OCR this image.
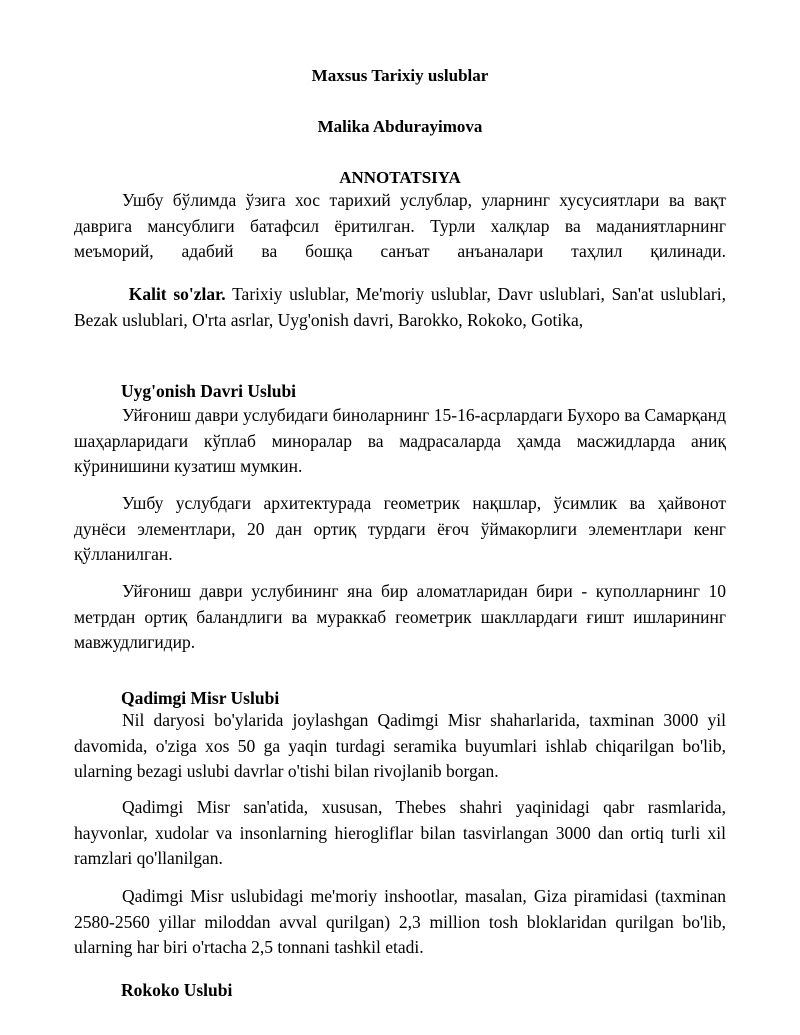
Maxsus Tarixiy uslublar
Malika Abdurayimova
ANNOTATSIYA

Ушбу бўлимда ўзига хос тарихий услублар, уларнинг хусусиятлари ва вақт даврига мансублиги батафсил ёритилган. Турли халқлар ва маданиятларнинг меъморий, адабий ва бошқа санъат анъаналари таҳлил қилинади.

Kalit so'zlar. Tarixiy uslublar, Me'moriy uslublar, Davr uslublari, San'at uslublari, Bezak uslublari, O'rta asrlar, Uyg'onish davri, Barokko, Rokoko, Gotika,

Uyg'onish Davri Uslubi

Уйғониш даври услубидаги биноларнинг 15-16-асрлардаги Бухоро ва Самарқанд шаҳарларидаги кўплаб миноралар ва мадрасаларда ҳамда масжидларда аниқ кўринишини кузатиш мумкин.

Ушбу услубдаги архитектурада геометрик нақшлар, ўсимлик ва ҳайвонот дунёси элементлари, 20 дан ортиқ турдаги ёғоч ўймакорлиги элементлари кенг қўлланилган.

Уйғониш даври услубининг яна бир аломатларидан бири - куполларнинг 10 метрдан ортиқ баландлиги ва мураккаб геометрик шакллардаги ғишт ишларининг мавжудлигидир.

Qadimgi Misr Uslubi

Nil daryosi bo'ylarida joylashgan Qadimgi Misr shaharlarida, taxminan 3000 yil davomida, o'ziga xos 50 ga yaqin turdagi seramika buyumlari ishlab chiqarilgan bo'lib, ularning bezagi uslubi davrlar o'tishi bilan rivojlanib borgan.

Qadimgi Misr san'atida, xususan, Thebes shahri yaqinidagi qabr rasmlarida, hayvonlar, xudolar va insonlarning hierogliflar bilan tasvirlangan 3000 dan ortiq turli xil ramzlari qo'llanilgan.

Qadimgi Misr uslubidagi me'moriy inshootlar, masalan, Giza piramidasi (taxminan 2580-2560 yillar miloddan avval qurilgan) 2,3 million tosh bloklaridan qurilgan bo'lib, ularning har biri o'rtacha 2,5 tonnani tashkil etadi.

Rokoko Uslubi
